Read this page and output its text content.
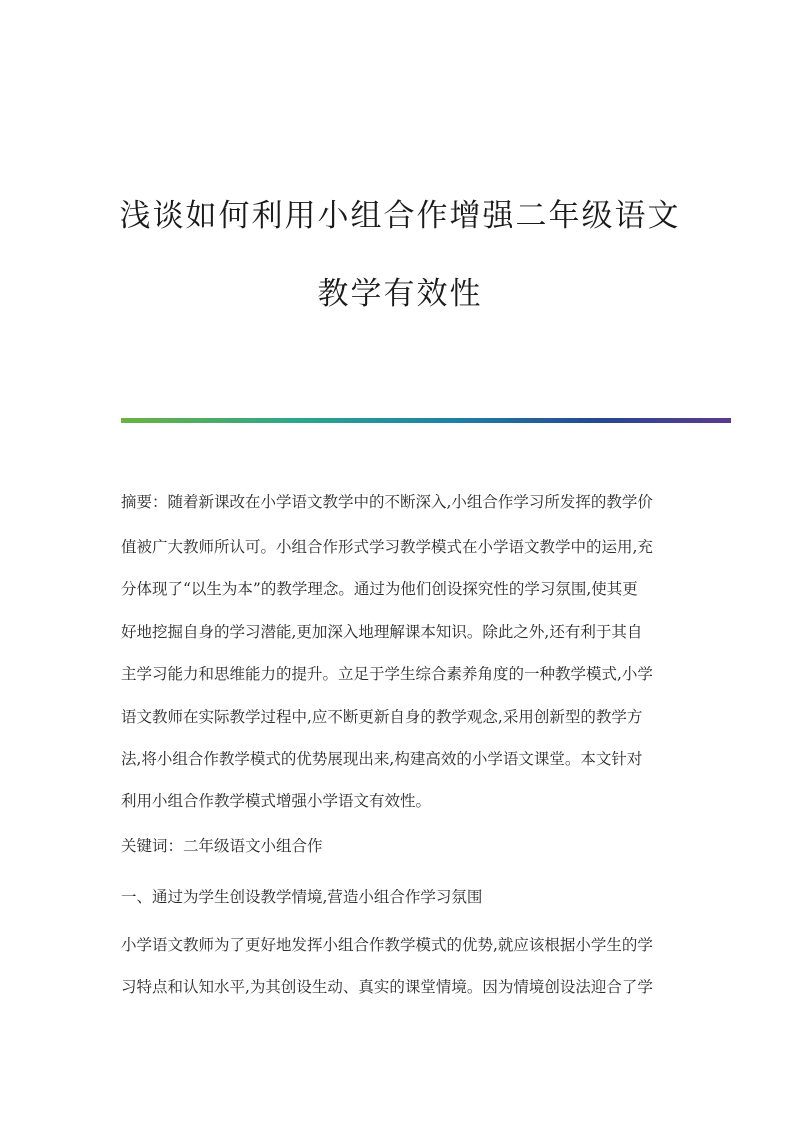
浅谈如何利用小组合作增强二年级语文
教学有效性
摘要：随着新课改在小学语文教学中的不断深入,小组合作学习所发挥的教学价
值被广大教师所认可。小组合作形式学习教学模式在小学语文教学中的运用,充
分体现了“以生为本”的教学理念。通过为他们创设探究性的学习氛围,使其更
好地挖掘自身的学习潜能,更加深入地理解课本知识。除此之外,还有利于其自
主学习能力和思维能力的提升。立足于学生综合素养角度的一种教学模式,小学
语文教师在实际教学过程中,应不断更新自身的教学观念,采用创新型的教学方
法,将小组合作教学模式的优势展现出来,构建高效的小学语文课堂。本文针对
利用小组合作教学模式增强小学语文有效性。
关键词：二年级语文小组合作
一、通过为学生创设教学情境,营造小组合作学习氛围
小学语文教师为了更好地发挥小组合作教学模式的优势,就应该根据小学生的学
习特点和认知水平,为其创设生动、真实的课堂情境。因为情境创设法迎合了学
